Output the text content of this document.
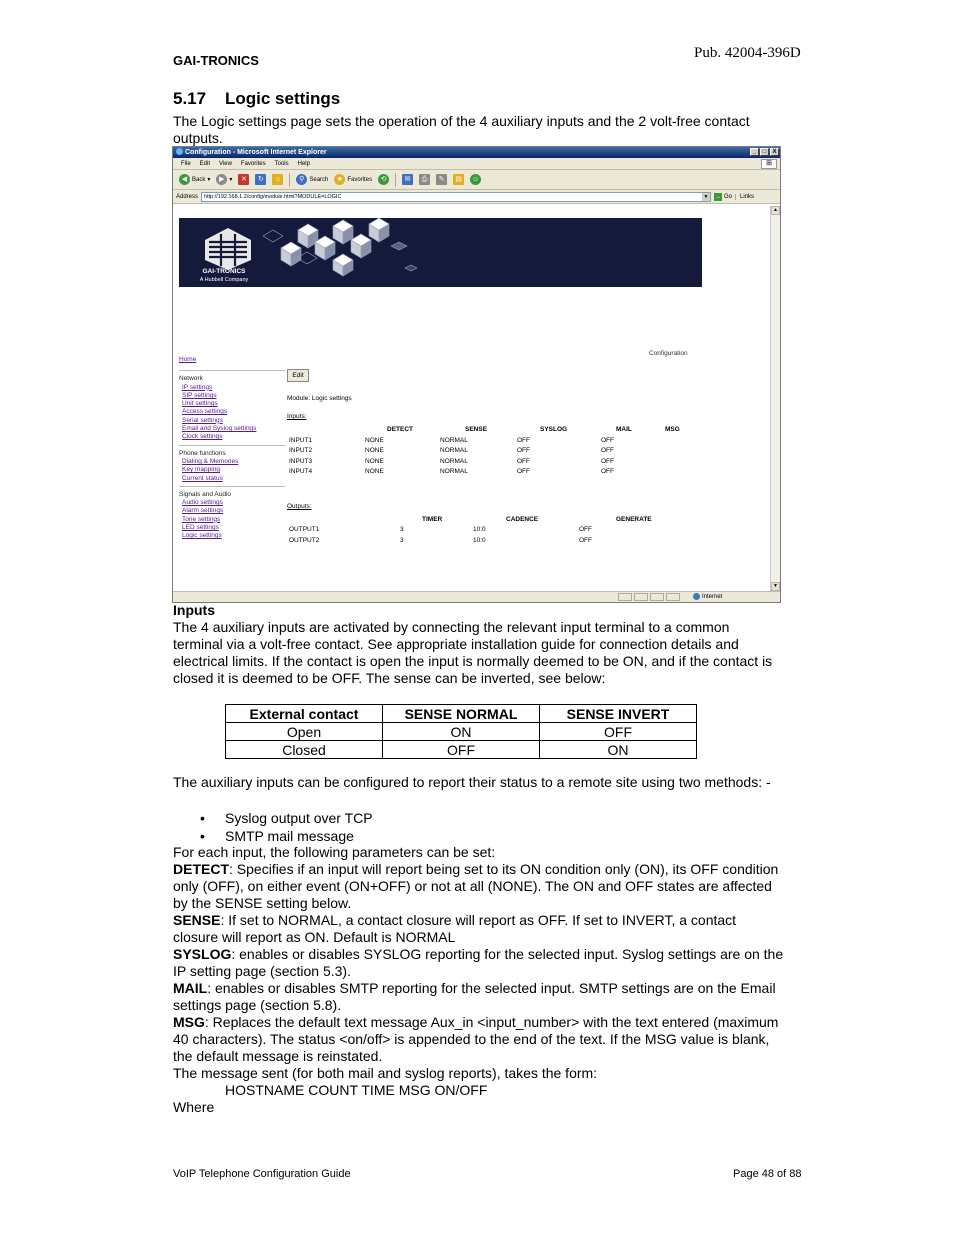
GAI-TRONICS	Pub. 42004-396D
5.17 Logic settings
The Logic settings page sets the operation of the 4 auxiliary inputs and the 2 volt-free contact outputs.
Configuration - Microsoft Internet Explorer	_	□	X
File Edit View Favorites Tools Help	⊞
◀ Back ▾	▶ ▾	✕	↻	⌂	⚲ Search	★ Favorites	⟲	✉	⎙	✎	▤	☺
Address	http://192.168.1.2/config/module.html?MODULE=LOGIC	▼ → Go	Links
GAI-TRONICS
A Hubbell Company
Configuration
Home
Network
IP settings
SIP settings
Unit settings
Access settings
Serial settings
Email and Syslog settings
Clock settings
Phone functions
Dialing & Memories
Key mapping
Current status
Signals and Audio
Audio settings
Alarm settings
Tone settings
LED settings
Logic settings
Edit
Module: Logic settings
Inputs:
DETECT	SENSE	SYSLOG	MAIL	MSG
INPUT1	NONE	NORMAL	OFF	OFF
INPUT2	NONE	NORMAL	OFF	OFF
INPUT3	NONE	NORMAL	OFF	OFF
INPUT4	NONE	NORMAL	OFF	OFF
Outputs:
TIMER	CADENCE	GENERATE
OUTPUT1	3	10:0	OFF
OUTPUT2	3	10:0	OFF
▲
▼
Internet
Inputs
The 4 auxiliary inputs are activated by connecting the relevant input terminal to a common terminal via a volt-free contact. See appropriate installation guide for connection details and electrical limits. If the contact is open the input is normally deemed to be ON, and if the contact is closed it is deemed to be OFF. The sense can be inverted, see below:
External contact	SENSE NORMAL	SENSE INVERT
Open	ON	OFF
Closed	OFF	ON
The auxiliary inputs can be configured to report their status to a remote site using two methods: -
• Syslog output over TCP
• SMTP mail message
For each input, the following parameters can be set:
DETECT: Specifies if an input will report being set to its ON condition only (ON), its OFF condition only (OFF), on either event (ON+OFF) or not at all (NONE). The ON and OFF states are affected by the SENSE setting below.
SENSE: If set to NORMAL, a contact closure will report as OFF. If set to INVERT, a contact closure will report as ON. Default is NORMAL
SYSLOG: enables or disables SYSLOG reporting for the selected input. Syslog settings are on the IP setting page (section 5.3).
MAIL: enables or disables SMTP reporting for the selected input. SMTP settings are on the Email settings page (section 5.8).
MSG: Replaces the default text message Aux_in <input_number> with the text entered (maximum 40 characters). The status <on/off> is appended to the end of the text. If the MSG value is blank, the default message is reinstated.
The message sent (for both mail and syslog reports), takes the form:
HOSTNAME COUNT TIME MSG ON/OFF
Where
VoIP Telephone Configuration Guide	Page 48 of 88
